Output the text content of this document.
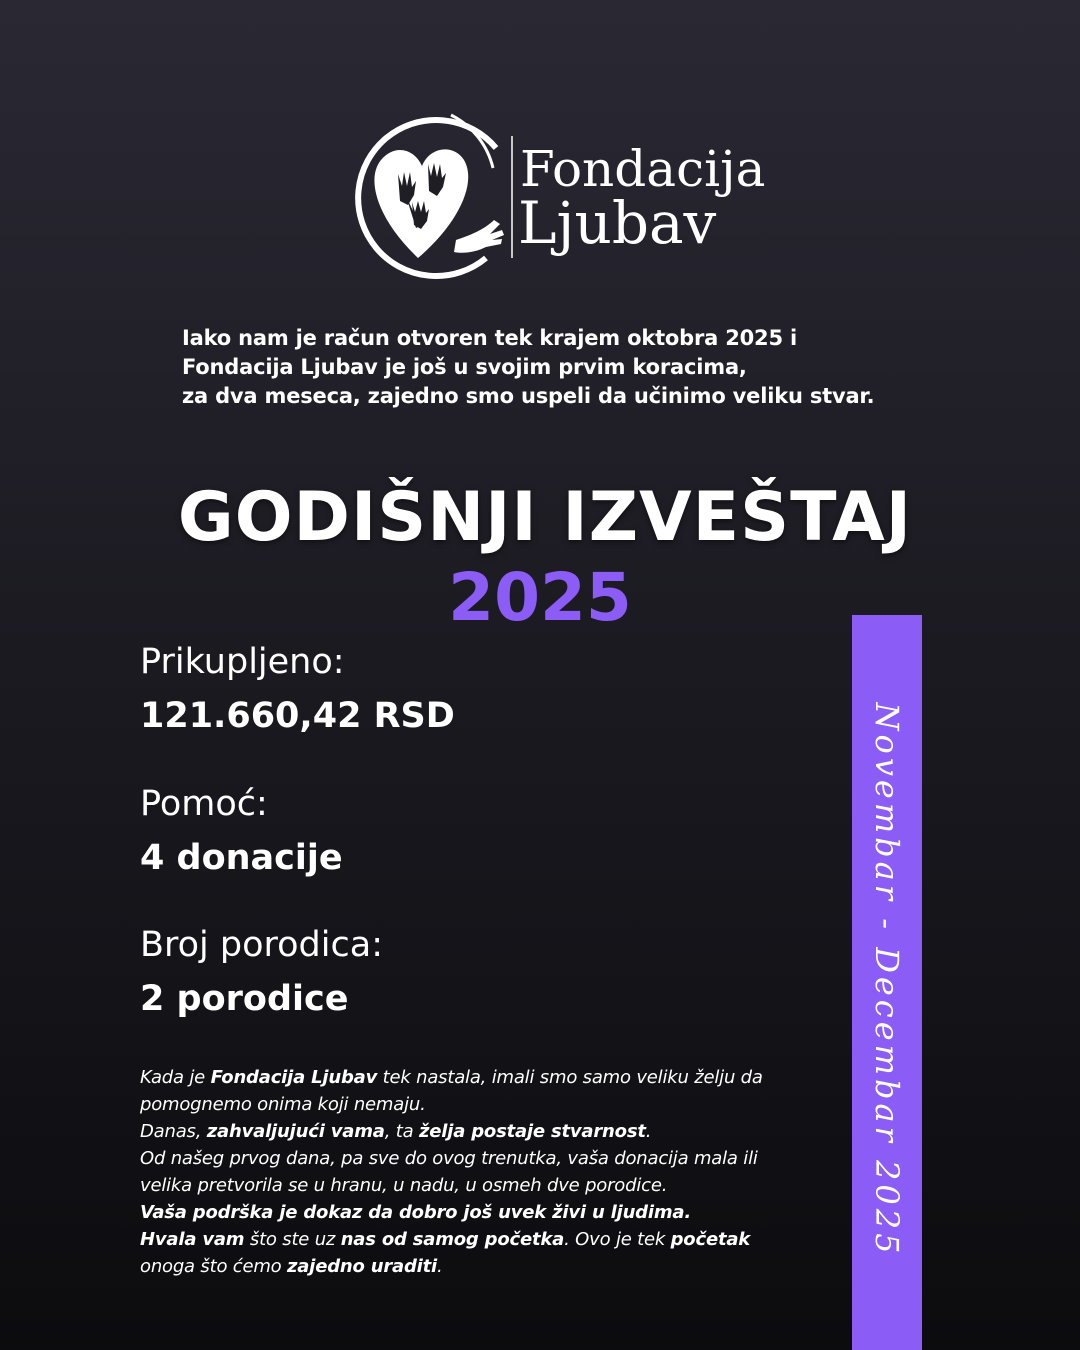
Fondacija
Ljubav
Iako nam je račun otvoren tek krajem oktobra 2025 i
Fondacija Ljubav je još u svojim prvim koracima,
za dva meseca, zajedno smo uspeli da učinimo veliku stvar.
GODIŠNJI IZVEŠTAJ
2025
Prikupljeno:
121.660,42 RSD
Pomoć:
4 donacije
Broj porodica:
2 porodice
Kada je Fondacija Ljubav tek nastala, imali smo samo veliku želju da
pomognemo onima koji nemaju.
Danas, zahvaljujući vama, ta želja postaje stvarnost.
Od našeg prvog dana, pa sve do ovog trenutka, vaša donacija mala ili
velika pretvorila se u hranu, u nadu, u osmeh dve porodice.
Vaša podrška je dokaz da dobro još uvek živi u ljudima.
Hvala vam što ste uz nas od samog početka. Ovo je tek početak
onoga što ćemo zajedno uraditi.
Novembar - Decembar 2025
